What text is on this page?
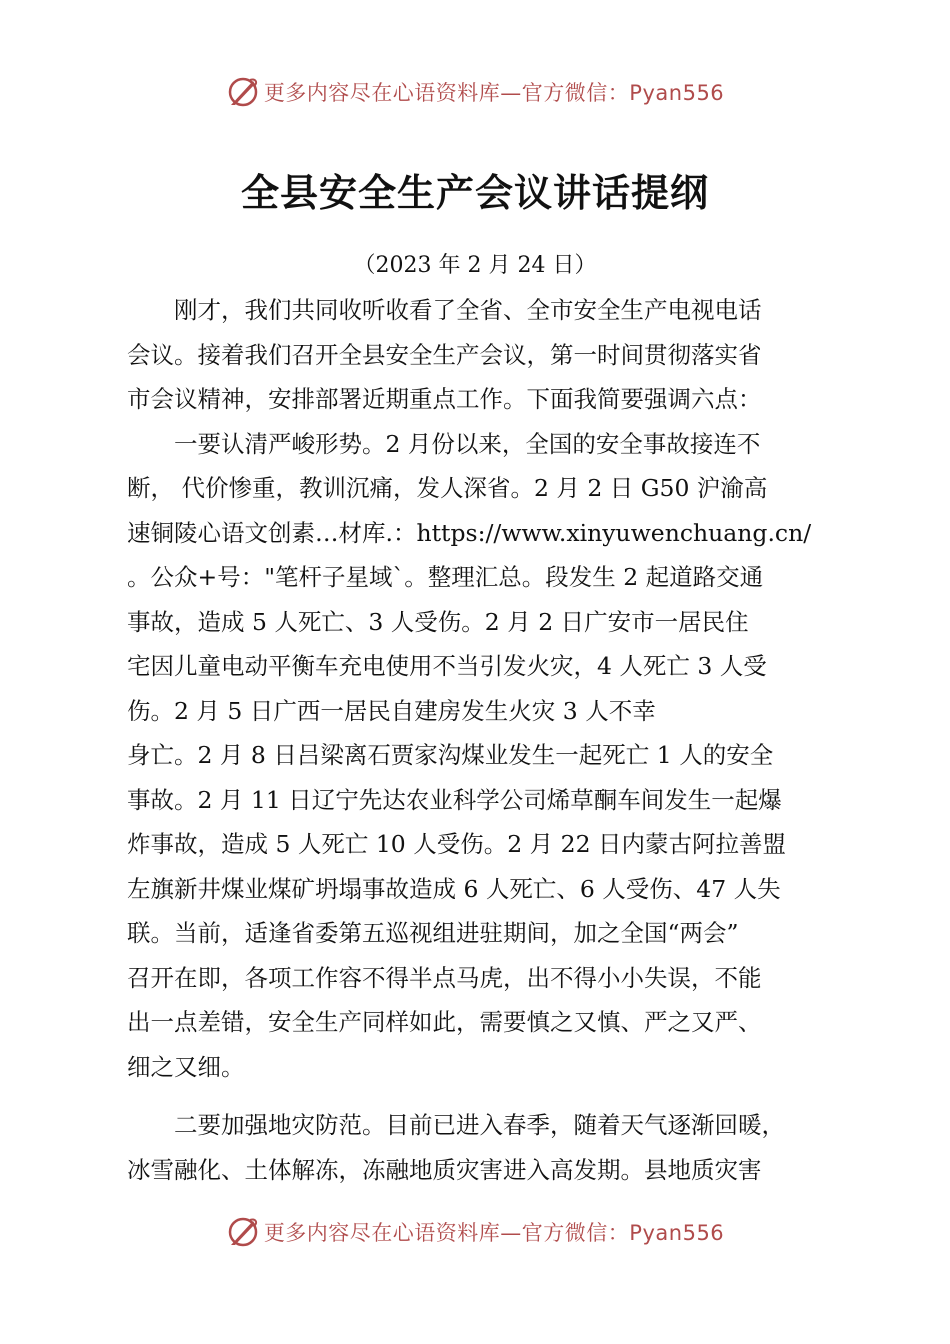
更多内容尽在心语资料库—官方微信：Pyan556
全县安全生产会议讲话提纲
（2023 年 2 月 24 日）
　　刚才，我们共同收听收看了全省、全市安全生产电视电话
会议。接着我们召开全县安全生产会议，第一时间贯彻落实省
市会议精神，安排部署近期重点工作。下面我简要强调六点：
　　一要认清严峻形势。2 月份以来，全国的安全事故接连不
断， 代价惨重，教训沉痛，发人深省。2 月 2 日 G50 沪渝高
速铜陵心语文创素…材库.：https://www.xinyuwenchuang.cn/
。公众+号："笔杆子星域`。整理汇总。段发生 2 起道路交通
事故，造成 5 人死亡、3 人受伤。2 月 2 日广安市一居民住
宅因儿童电动平衡车充电使用不当引发火灾，4 人死亡 3 人受
伤。2 月 5 日广西一居民自建房发生火灾 3 人不幸
身亡。2 月 8 日吕梁离石贾家沟煤业发生一起死亡 1 人的安全
事故。2 月 11 日辽宁先达农业科学公司烯草酮车间发生一起爆
炸事故，造成 5 人死亡 10 人受伤。2 月 22 日内蒙古阿拉善盟
左旗新井煤业煤矿坍塌事故造成 6 人死亡、6 人受伤、47 人失
联。当前，适逢省委第五巡视组进驻期间，加之全国“两会”
召开在即，各项工作容不得半点马虎，出不得小小失误，不能
出一点差错，安全生产同样如此，需要慎之又慎、严之又严、
细之又细。
　　二要加强地灾防范。目前已进入春季，随着天气逐渐回暖，
冰雪融化、土体解冻，冻融地质灾害进入高发期。县地质灾害
更多内容尽在心语资料库—官方微信：Pyan556
